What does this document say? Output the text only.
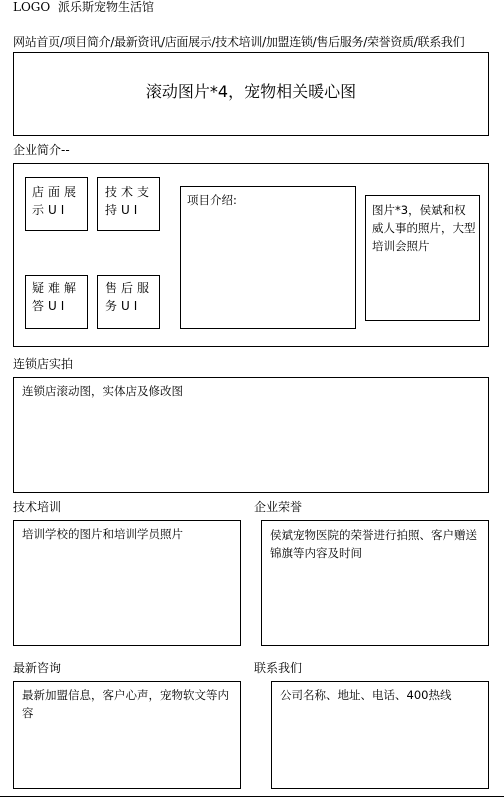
LOGO 派乐斯宠物生活馆
网站首页/项目简介/最新资讯/店面展示/技术培训/加盟连锁/售后服务/荣誉资质/联系我们
滚动图片*4，宠物相关暖心图
企业简介--
店面展示UI
技术支持UI
疑难解答UI
售后服务UI
项目介绍:
图片*3，侯斌和权威人事的照片，大型培训会照片
连锁店实拍
连锁店滚动图，实体店及修改图
技术培训
培训学校的图片和培训学员照片
企业荣誉
侯斌宠物医院的荣誉进行拍照、客户赠送锦旗等内容及时间
最新咨询
最新加盟信息，客户心声，宠物软文等内容
联系我们
公司名称、地址、电话、400热线
